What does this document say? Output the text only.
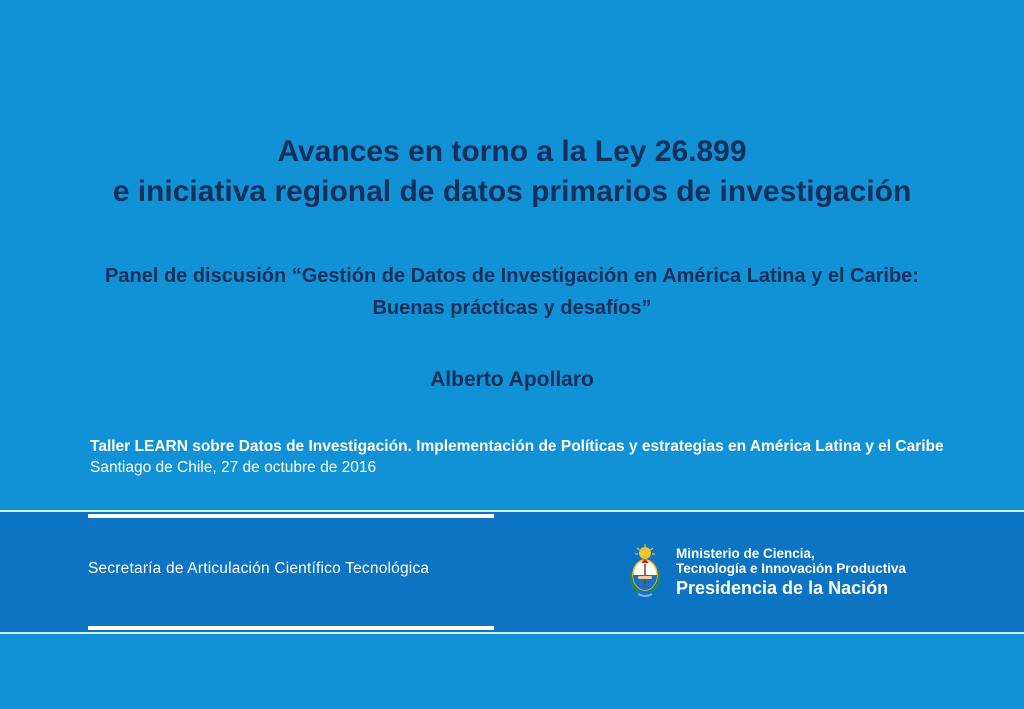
Avances en torno a la Ley 26.899
e iniciativa regional de datos primarios de investigación
Panel de discusión “Gestión de Datos de Investigación en América Latina y el Caribe: Buenas prácticas y desafíos”
Alberto Apollaro
Taller LEARN sobre Datos de Investigación. Implementación de Políticas y estrategias en América Latina y el Caribe
Santiago de Chile, 27 de octubre de 2016
Secretaría de Articulación Científico Tecnológica
Ministerio de Ciencia,
Tecnología e Innovación Productiva
Presidencia de la Nación
